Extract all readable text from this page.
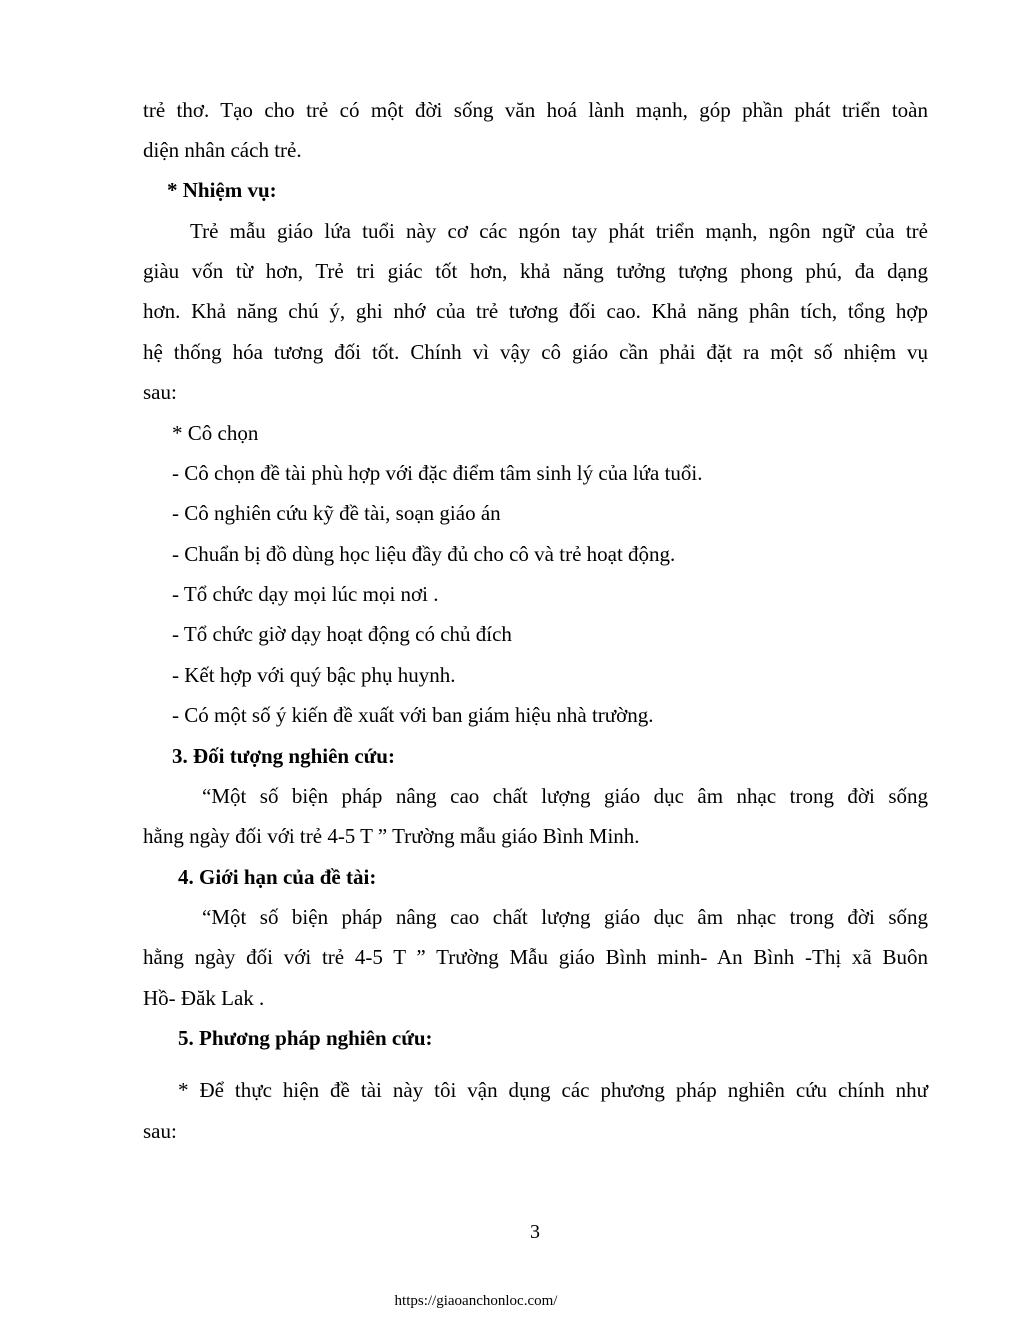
trẻ thơ. Tạo cho trẻ có một đời sống văn hoá lành mạnh, góp phần phát triển toàn
diện nhân cách trẻ.
* Nhiệm vụ:
Trẻ mẫu giáo lứa tuổi này cơ các ngón tay phát triển mạnh, ngôn ngữ của trẻ
giàu vốn từ hơn, Trẻ tri giác tốt hơn, khả năng tưởng tượng phong phú, đa dạng
hơn. Khả năng chú ý, ghi nhớ của trẻ tương đối cao. Khả năng phân tích, tổng hợp
hệ thống hóa tương đối tốt. Chính vì vậy cô giáo cần phải đặt ra một số nhiệm vụ
sau:
* Cô chọn
- Cô chọn đề tài phù hợp với đặc điểm tâm sinh lý của lứa tuổi.
- Cô nghiên cứu kỹ đề tài, soạn giáo án
- Chuẩn bị đồ dùng học liệu đầy đủ cho cô và trẻ hoạt động.
- Tổ chức dạy mọi lúc mọi nơi .
- Tổ chức giờ dạy hoạt động có chủ đích
- Kết hợp với quý bậc phụ huynh.
- Có một số ý kiến đề xuất với ban giám hiệu nhà trường.
3. Đối tượng nghiên cứu:
“Một số biện pháp nâng cao chất lượng giáo dục âm nhạc trong đời sống
hằng ngày đối với trẻ 4-5 T ” Trường mẫu giáo Bình Minh.
4. Giới hạn của đề tài:
“Một số biện pháp nâng cao chất lượng giáo dục âm nhạc trong đời sống
hằng ngày đối với trẻ 4-5 T ” Trường Mẫu giáo Bình minh- An Bình -Thị xã Buôn
Hồ- Đăk Lak .
5. Phương pháp nghiên cứu:
* Để thực hiện đề tài này tôi vận dụng các phương pháp nghiên cứu chính như
sau:
3
https://giaoanchonloc.com/
